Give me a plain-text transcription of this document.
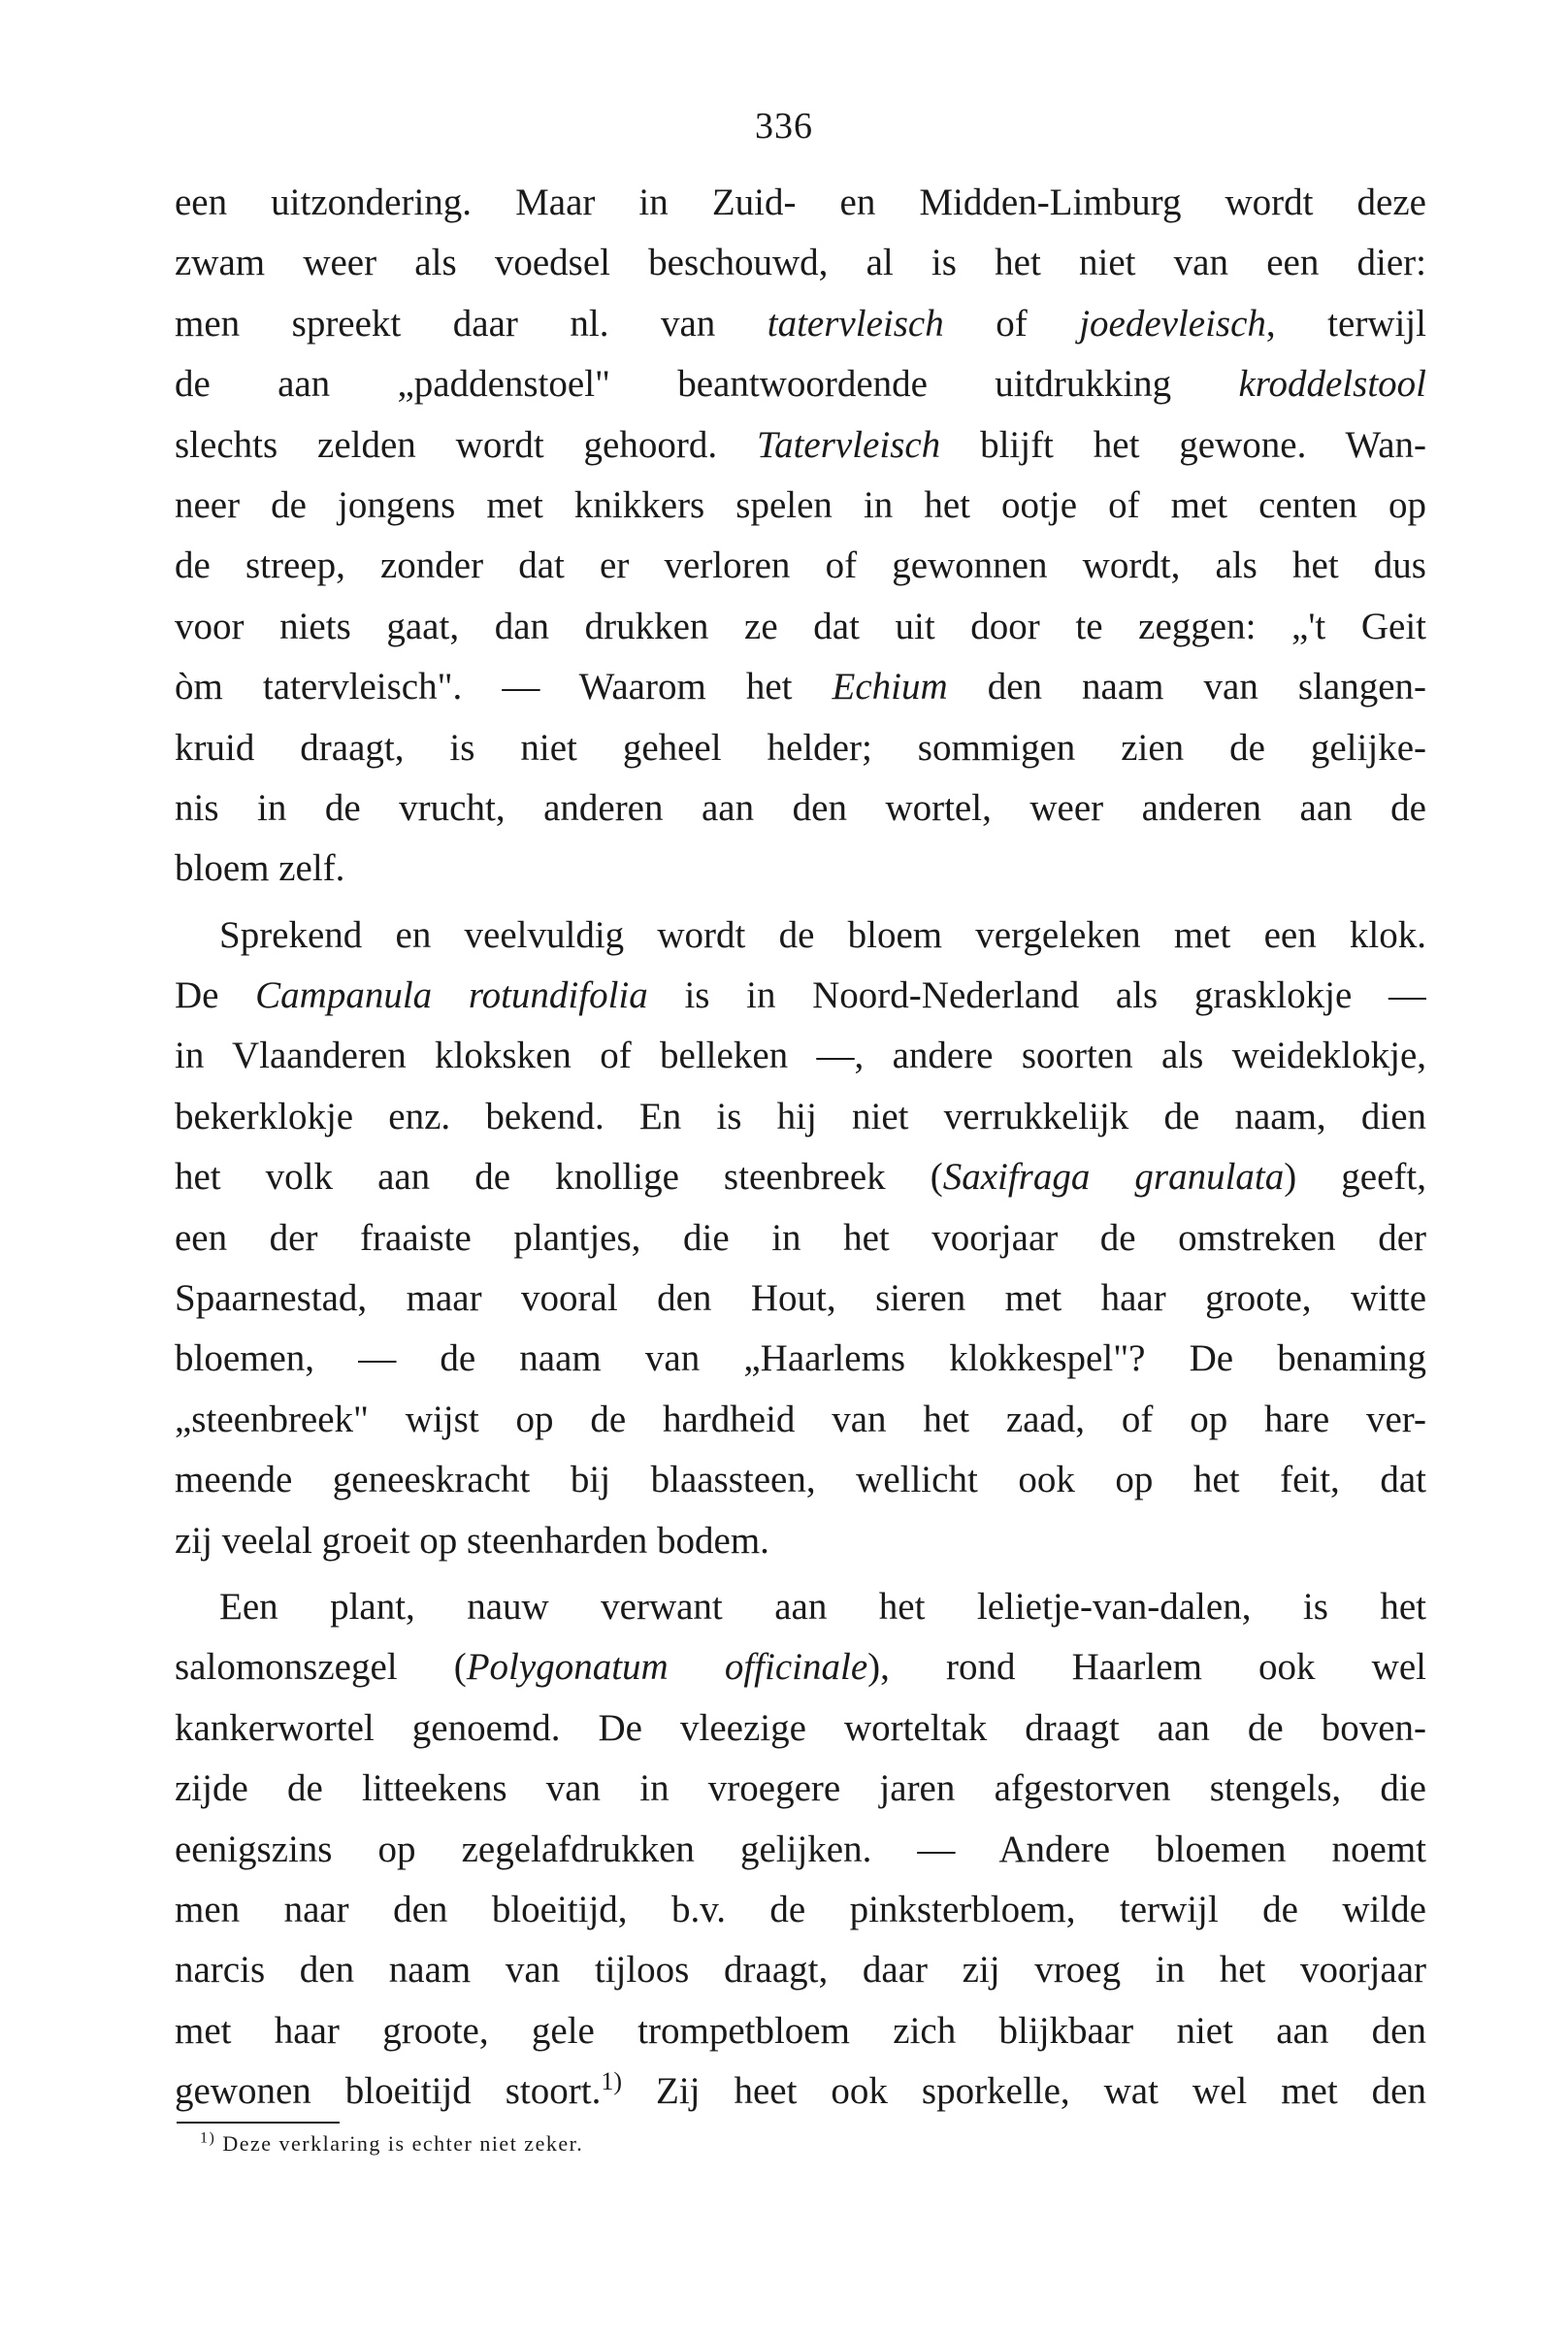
336
een uitzondering. Maar in Zuid- en Midden-Limburg wordt deze
zwam weer als voedsel beschouwd, al is het niet van een dier:
men spreekt daar nl. van tatervleisch of joedevleisch, terwijl
de aan „paddenstoel" beantwoordende uitdrukking kroddelstool
slechts zelden wordt gehoord. Tatervleisch blijft het gewone. Wan-
neer de jongens met knikkers spelen in het ootje of met centen op
de streep, zonder dat er verloren of gewonnen wordt, als het dus
voor niets gaat, dan drukken ze dat uit door te zeggen: „'t Geit
òm tatervleisch". — Waarom het Echium den naam van slangen-
kruid draagt, is niet geheel helder; sommigen zien de gelijke-
nis in de vrucht, anderen aan den wortel, weer anderen aan de
bloem zelf.
Sprekend en veelvuldig wordt de bloem vergeleken met een klok.
De Campanula rotundifolia is in Noord-Nederland als grasklokje —
in Vlaanderen kloksken of belleken —, andere soorten als weideklokje,
bekerklokje enz. bekend. En is hij niet verrukkelijk de naam, dien
het volk aan de knollige steenbreek (Saxifraga granulata) geeft,
een der fraaiste plantjes, die in het voorjaar de omstreken der
Spaarnestad, maar vooral den Hout, sieren met haar groote, witte
bloemen, — de naam van „Haarlems klokkespel"? De benaming
„steenbreek" wijst op de hardheid van het zaad, of op hare ver-
meende geneeskracht bij blaassteen, wellicht ook op het feit, dat
zij veelal groeit op steenharden bodem.
Een plant, nauw verwant aan het lelietje-van-dalen, is het
salomonszegel (Polygonatum officinale), rond Haarlem ook wel
kankerwortel genoemd. De vleezige worteltak draagt aan de boven-
zijde de litteekens van in vroegere jaren afgestorven stengels, die
eenigszins op zegelafdrukken gelijken. — Andere bloemen noemt
men naar den bloeitijd, b.v. de pinksterbloem, terwijl de wilde
narcis den naam van tijloos draagt, daar zij vroeg in het voorjaar
met haar groote, gele trompetbloem zich blijkbaar niet aan den
gewonen bloeitijd stoort.$^{1)}$ Zij heet ook sporkelle, wat wel met den
$^{1)}$ Deze verklaring is echter niet zeker.
